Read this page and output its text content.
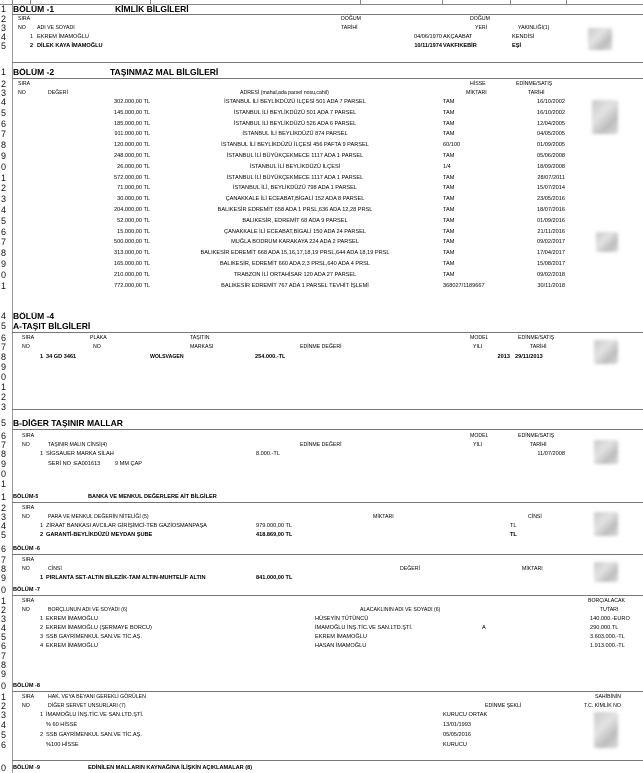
1 BÖLÜM -1	KİMLİK BİLGİLERİ
2	SIRA	DOĞUM	DOĞUM
3	NO ADI VE SOYADI	TARİHİ	YERİ	YAKINLIĞI(1)
4	1 EKREM İMAMOĞLU	04/06/1970 AKÇAABAT	KENDİSİ
5	2 DİLEK KAYA İMAMOĞLU	10/11/1974 VAKFIKEBİR	EŞİ
1 BÖLÜM -2	TAŞINMAZ MAL BİLGİLERİ
2	SIRA	HİSSE	EDİNME/SATIŞ
3	NO	DEĞERİ	ADRESİ (mahal,ada parsel nosu,cahil)	MİKTARI	TARİHİ
4	302.000,00 TL	İSTANBUL İLİ BEYLİKDÜZÜ İLÇESİ 501 ADA 7 PARSEL	TAM	16/10/2002
5	145.000,00 TL	İSTANBUL İLİ BEYLİKDÜZÜ 501 ADA 7 PARSEL	TAM	16/10/2002
6	185.000,00 TL	İSTANBUL İLİ BEYLİKDÜZÜ 526 ADA 6 PARSEL	TAM	12/04/2005
7	911.000,00 TL	İSTANBUL İLİ BEYLİKDÜZÜ 874 PARSEL	TAM	04/05/2005
8	120.000,00 TL	İSTANBUL İLİ BEYLİKDÜZÜ İLÇESİ 456 PAFTA 9 PARSEL	60/100	01/09/2005
9	248.000,00 TL	İSTANBUL İLİ BÜYÜKÇEKMECE 1117 ADA 1 PARSEL	TAM	05/06/2008
0	26.000,00 TL	İSTANBUL İLİ BEYLİKDÜZÜ İLÇESİ	1/4	18/09/2008
1	572.000,00 TL	İSTANBUL İLİ BÜYÜKÇEKMECE 1117 ADA 1 PARSEL	TAM	28/07/2011
2	71.000,00 TL	İSTANBUL İLİ, BEYLİKDÜZÜ 798 ADA 1 PARSEL	TAM	15/07/2014
3	30.000,00 TL	ÇANAKKALE İLİ ECEABAT,BİGALİ 152 ADA 8 PARSEL	TAM	23/05/2016
4	204.000,00 TL	BALIKESİR EDREMİT 658 ADA 1 PRSL,636 ADA 12,28 PRSL	TAM	18/07/2016
5	52.000,00 TL	BALIKESİR, EDREMİT 68 ADA 9 PARSEL	TAM	01/09/2016
6	15.000,00 TL	ÇANAKKALE İLİ ECEABAT,BİGALİ 150 ADA 24 PARSEL	TAM	21/11/2016
7	500.000,00 TL	MUĞLA BODRUM KARAKAYA 224 ADA 2 PARSEL	TAM	09/02/2017
8	313.000,00 TL	BALIKESİR EDREMİT 668 ADA 15,16,17,18,19 PRSL,644 ADA 18,19 PRSL	TAM	17/04/2017
9	165.000,00 TL	BALIKESİR, EDREMİT 660 ADA 2,3 PRSL,640 ADA 4 PRSL	TAM	15/08/2017
0	210.000,00 TL	TRABZON İLİ ORTAHİSAR 120 ADA 27 PARSEL	TAM	09/02/2018
1	772.000,00 TL	BALIKESİR EDREMİT 767 ADA 1 PARSEL TEVHİT İŞLEMİ	368027/1189667	30/11/2018
4 BÖLÜM -4
5 A-TAŞIT BİLGİLERİ
6	SIRA	PLAKA	TAŞITIN	MODEL	EDİNME/SATIŞ
7	NO	NO	MARKASI	EDİNME DEĞERİ	YILI	TARİHİ
8	1 34 GD 3461	WOLSVAGEN	254.000.-TL	2013 29/11/2013
9
0
1
2
3
5 B-DİĞER TAŞINIR MALLAR
6	SIRA	MODEL	EDİNME/SATIŞ
7	NO	TAŞINIR MALIN CİNSİ(4)	EDİNME DEĞERİ	YILI	TARİHİ
8	1 SİGSAUER MARKA SİLAH	8.000.-TL	11/07/2008
9	SERİ NO :EA001613	9 MM ÇAP
0
1
1	BÖLÜM-5	BANKA VE MENKUL DEĞERLERE AİT BİLGİLER
2	SIRA
3	NO	PARA VE MENKUL DEĞERİN NİTELİĞİ (5)	MİKTARI	CİNSİ
4	1 ZİRAAT BANKASI AVCILAR GİRİŞİMCİ-TEB GAZİOSMANPAŞA	979.000,00 TL	TL
5	2 GARANTİ-BEYLİKDÜZÜ MEYDAN ŞUBE	418.869,00 TL	TL
6	BÖLÜM -6
7	SIRA
8	NO	CİNSİ	DEĞERİ	MİKTARI
9	1 PIRLANTA SET-ALTIN BİLEZİK-TAM ALTIN-MUHTELİF ALTIN	841.000,00 TL
0	BÖLÜM -7
1	SIRA	BORÇ/ALACAK
2	NO	BORÇLUNUN ADI VE SOYADI (6)	ALACAKLININ ADI VE SOYADI (6)	TUTARI
3	1 EKREM İMAMOĞLU	HÜSEYİN TÜTÜNCÜ	140.000.-EURO
4	2 EKREM İMAMOĞLU (ŞERMAYE BORCU)	İMAMOĞLU İNŞ.TİC.VE SAN.LTD.ŞTİ.	A	290.000.TL
5	3 SSB GAYRİMENKUL SAN.VE TİC.AŞ.	EKREM İMAMOĞLU	3.603.000.-TL
6	4 EKREM İMAMOĞLU	HASAN İMAMOĞLU	1.913.000.-TL
7
8
9
0	BÖLÜM -8
1	SIRA	HAK. VEYA BEYANI GEREKLİ GÖRÜLEN	SAHİBİNİN
2	NO	DİĞER SERVET UNSURLARI (7)	EDİNME ŞEKLİ	T.C. KİMLİK NO
3	1 İMAMOĞLU İNŞ.TİC.VE SAN.LTD.ŞTİ.	KURUCU ORTAK
4	% 60 HİSSE	13/01/1993
5	2 SSB GAYRİMENKUL SAN.VE TİC.AŞ.	05/05/2016
6	%100 HİSSE	KURUCU
0	BÖLÜM -9	EDİNİLEN MALLARIN KAYNAĞINA İLİŞKİN AÇIKLAMALAR (8)
